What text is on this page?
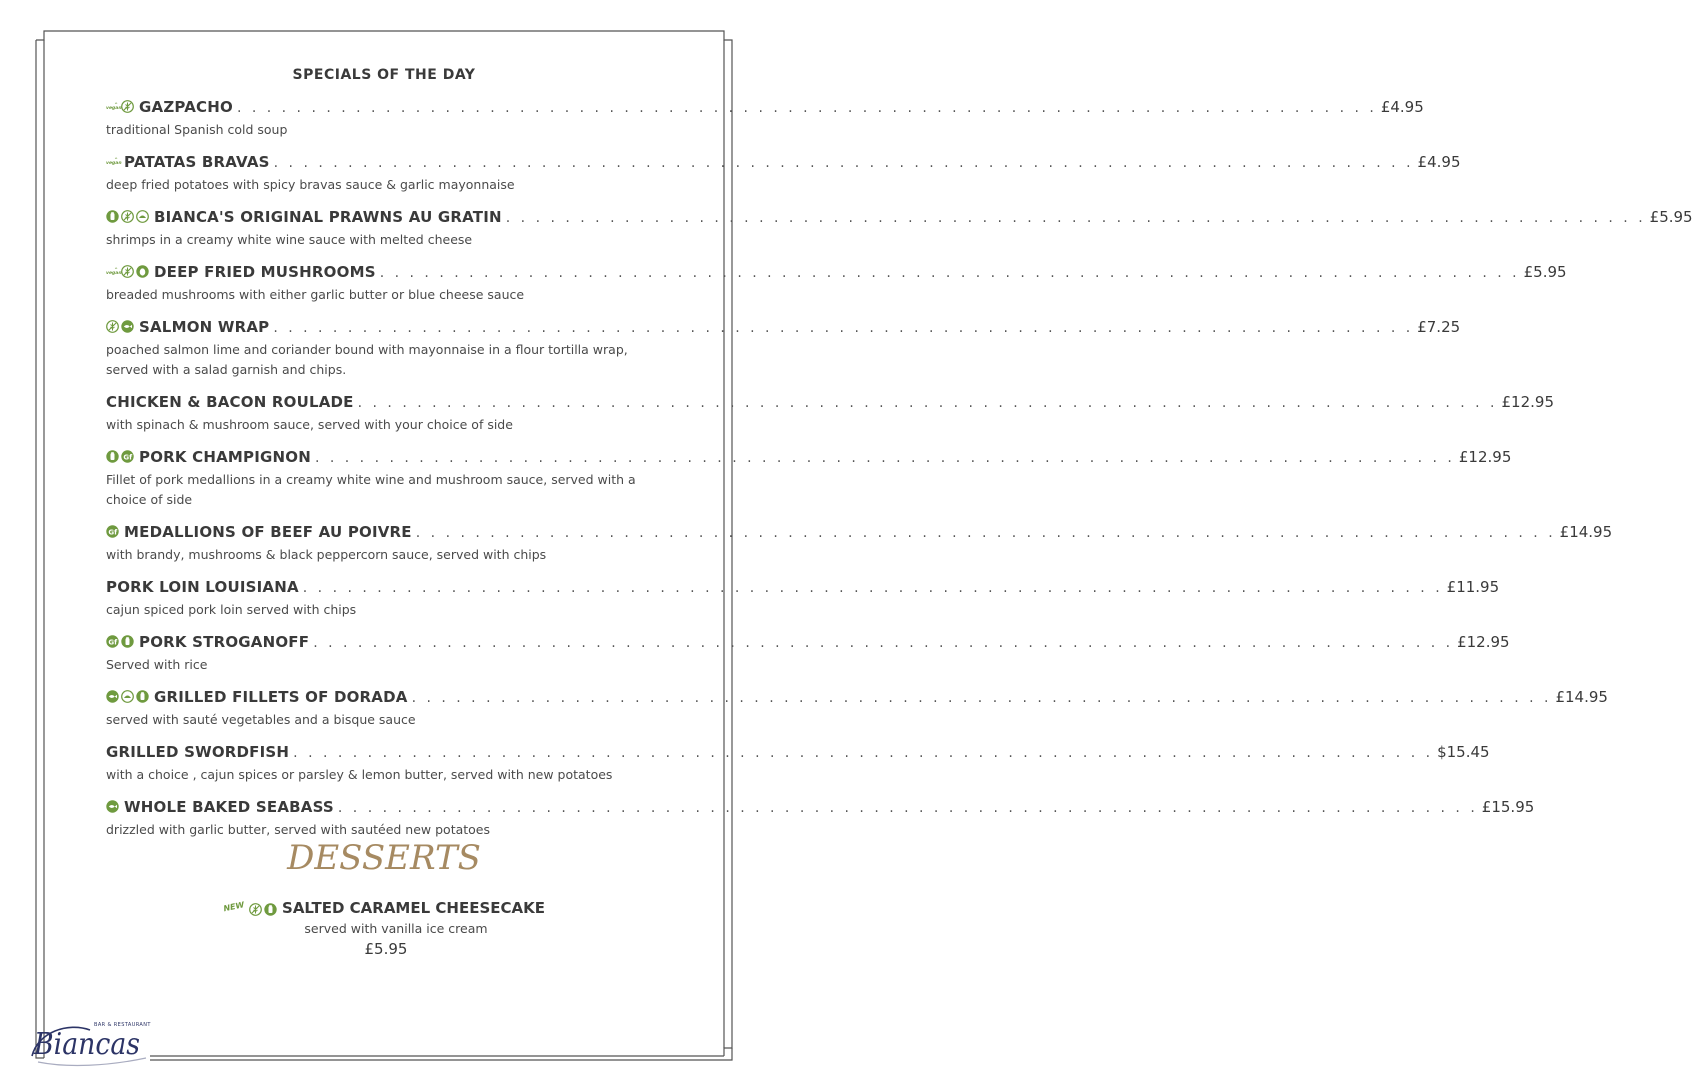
SPECIALS OF THE DAY
vegan GAZPACHO . . . . . . . . . . . . . . . . . . . . . . . . . . . . . . . . . . . . . . . . . . . . . . . . . . . . . . . . . . . . . . . . . . . . . . . . . . . . . £4.95
traditional Spanish cold soup
vegan PATATAS BRAVAS . . . . . . . . . . . . . . . . . . . . . . . . . . . . . . . . . . . . . . . . . . . . . . . . . . . . . . . . . . . . . . . . . . . . . . . . . . . . . £4.95
deep fried potatoes with spicy bravas sauce & garlic mayonnaise
BIANCA'S ORIGINAL PRAWNS AU GRATIN . . . . . . . . . . . . . . . . . . . . . . . . . . . . . . . . . . . . . . . . . . . . . . . . . . . . . . . . . . . . . . . . . . . . . . . . . . . . . £5.95
shrimps in a creamy white wine sauce with melted cheese
vegan DEEP FRIED MUSHROOMS . . . . . . . . . . . . . . . . . . . . . . . . . . . . . . . . . . . . . . . . . . . . . . . . . . . . . . . . . . . . . . . . . . . . . . . . . . . . . £5.95
breaded mushrooms with either garlic butter or blue cheese sauce
SALMON WRAP . . . . . . . . . . . . . . . . . . . . . . . . . . . . . . . . . . . . . . . . . . . . . . . . . . . . . . . . . . . . . . . . . . . . . . . . . . . . . £7.25
poached salmon lime and coriander bound with mayonnaise in a flour tortilla wrap, served with a salad garnish and chips.
CHICKEN & BACON ROULADE . . . . . . . . . . . . . . . . . . . . . . . . . . . . . . . . . . . . . . . . . . . . . . . . . . . . . . . . . . . . . . . . . . . . . . . . . . . . . £12.95
with spinach & mushroom sauce, served with your choice of side
Gf PORK CHAMPIGNON . . . . . . . . . . . . . . . . . . . . . . . . . . . . . . . . . . . . . . . . . . . . . . . . . . . . . . . . . . . . . . . . . . . . . . . . . . . . . £12.95
Fillet of pork medallions in a creamy white wine and mushroom sauce, served with a choice of side
Gf MEDALLIONS OF BEEF AU POIVRE . . . . . . . . . . . . . . . . . . . . . . . . . . . . . . . . . . . . . . . . . . . . . . . . . . . . . . . . . . . . . . . . . . . . . . . . . . . . . £14.95
with brandy, mushrooms & black peppercorn sauce, served with chips
PORK LOIN LOUISIANA . . . . . . . . . . . . . . . . . . . . . . . . . . . . . . . . . . . . . . . . . . . . . . . . . . . . . . . . . . . . . . . . . . . . . . . . . . . . . £11.95
cajun spiced pork loin served with chips
Gf PORK STROGANOFF . . . . . . . . . . . . . . . . . . . . . . . . . . . . . . . . . . . . . . . . . . . . . . . . . . . . . . . . . . . . . . . . . . . . . . . . . . . . . £12.95
Served with rice
GRILLED FILLETS OF DORADA . . . . . . . . . . . . . . . . . . . . . . . . . . . . . . . . . . . . . . . . . . . . . . . . . . . . . . . . . . . . . . . . . . . . . . . . . . . . . £14.95
served with sauté vegetables and a bisque sauce
GRILLED SWORDFISH . . . . . . . . . . . . . . . . . . . . . . . . . . . . . . . . . . . . . . . . . . . . . . . . . . . . . . . . . . . . . . . . . . . . . . . . . . . . . $15.45
with a choice , cajun spices or parsley & lemon butter, served with new potatoes
WHOLE BAKED SEABASS . . . . . . . . . . . . . . . . . . . . . . . . . . . . . . . . . . . . . . . . . . . . . . . . . . . . . . . . . . . . . . . . . . . . . . . . . . . . . £15.95
drizzled with garlic butter, served with sautéed new potatoes
DESSERTS
NEW SALTED CARAMEL CHEESECAKE
served with vanilla ice cream
£5.95
Biancas
BAR & RESTAURANT
